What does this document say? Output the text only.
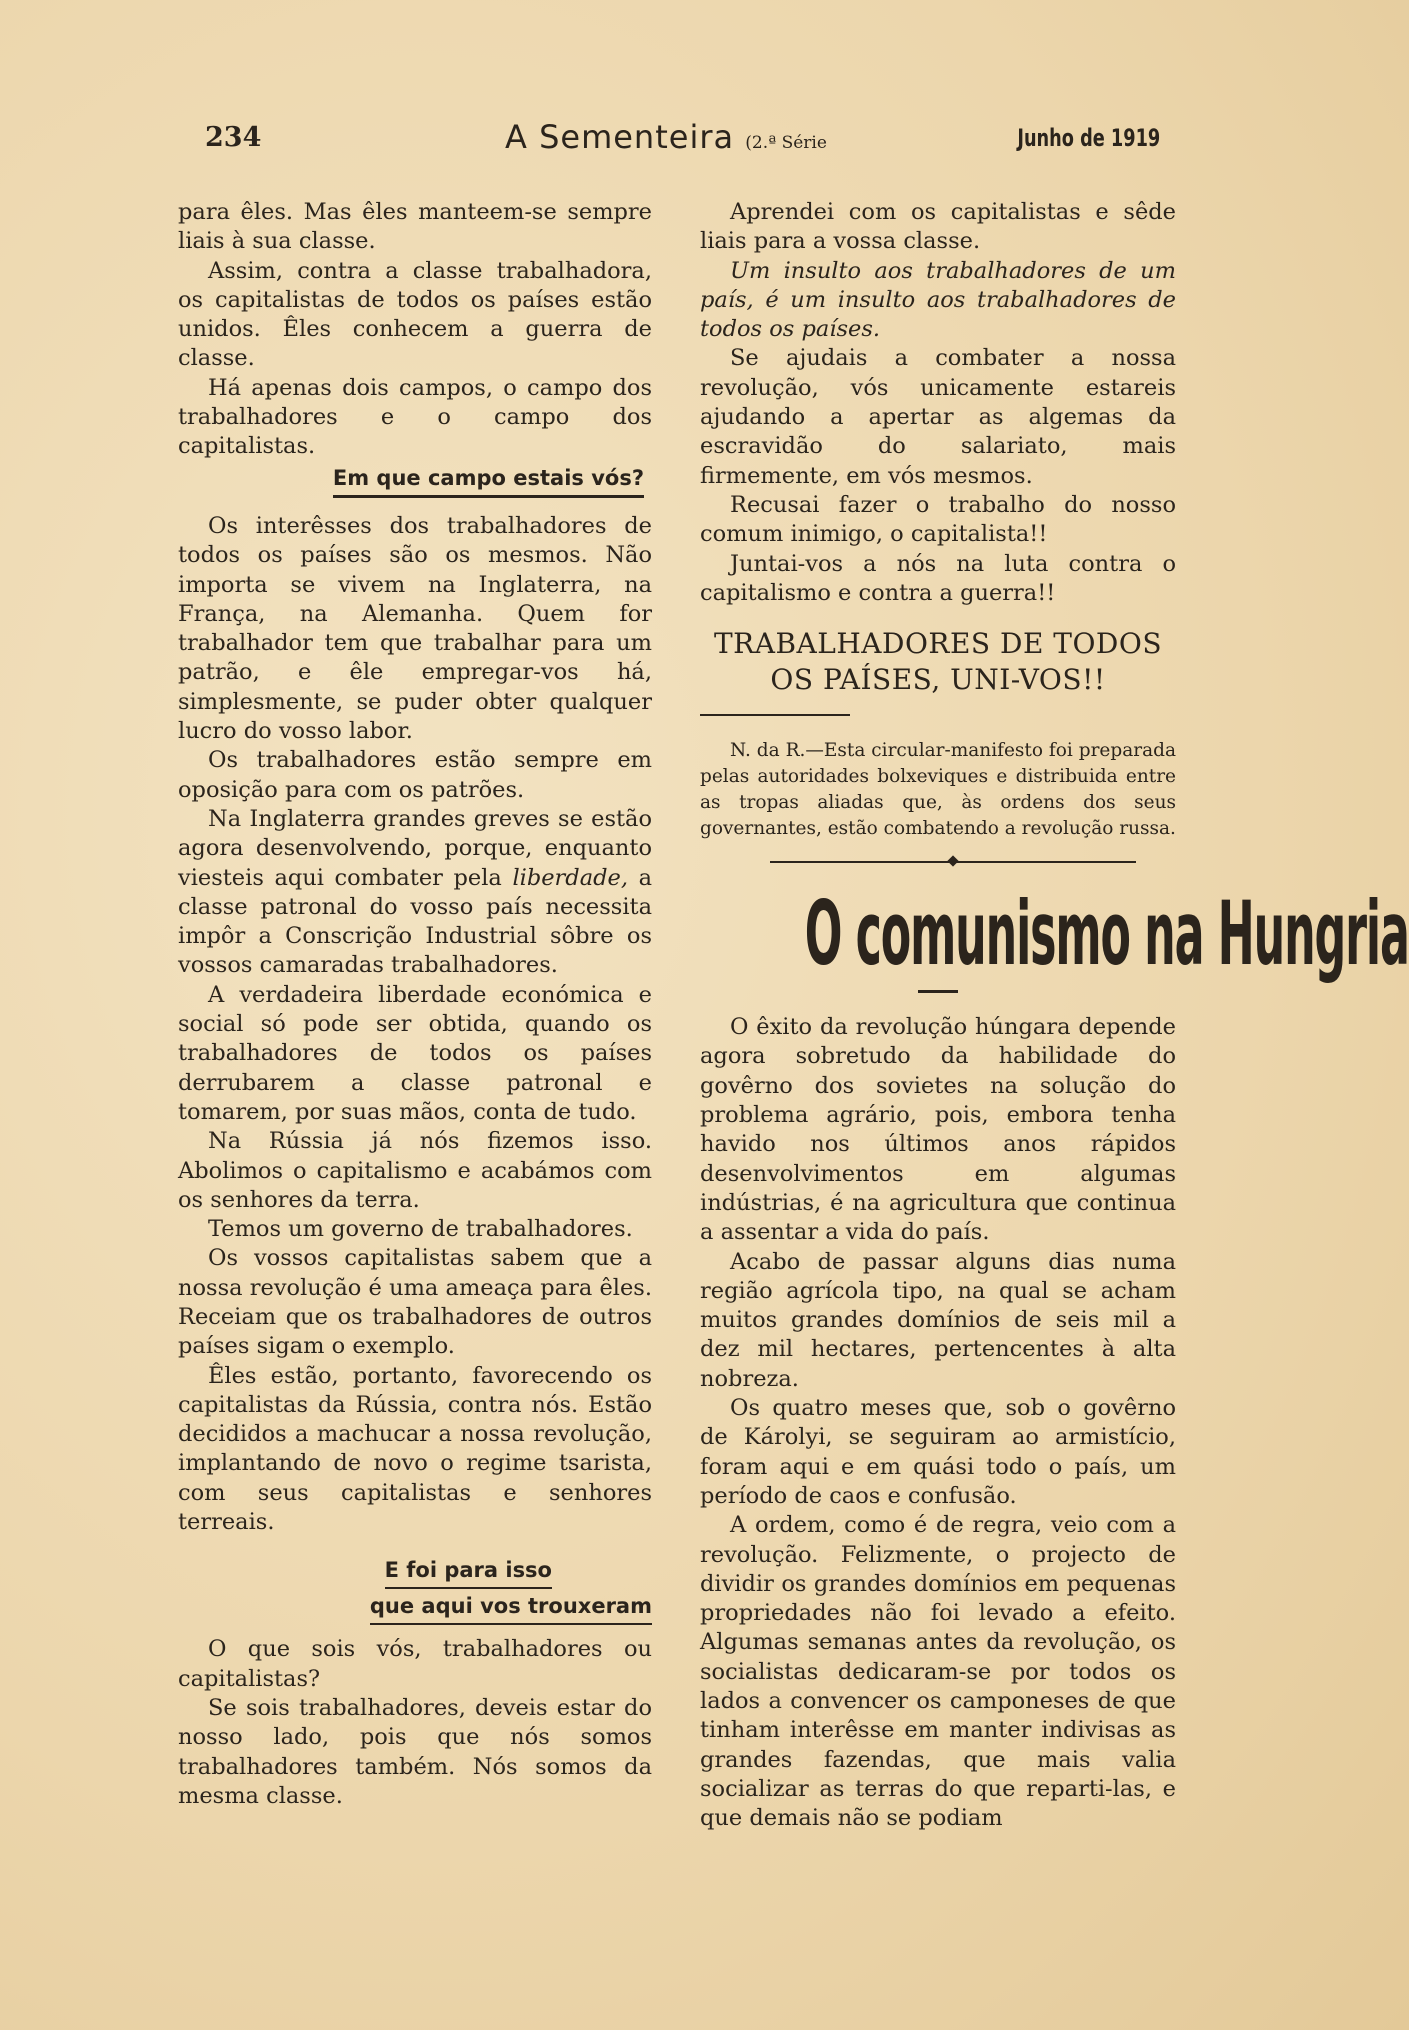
234	A Sementeira (2.ª Série	Junho de 1919

para êles. Mas êles manteem-se sempre liais à sua classe.

Assim, contra a classe trabalhadora, os capitalistas de todos os países estão unidos. Êles conhecem a guerra de classe.

Há apenas dois campos, o campo dos trabalhadores e o campo dos capitalistas.

Em que campo estais vós?

Os interêsses dos trabalhadores de todos os países são os mesmos. Não importa se vivem na Inglaterra, na França, na Alemanha. Quem for trabalhador tem que trabalhar para um patrão, e êle empregar-vos há, simplesmente, se puder obter qualquer lucro do vosso labor.

Os trabalhadores estão sempre em oposição para com os patrões.

Na Inglaterra grandes greves se estão agora desenvolvendo, porque, enquanto viesteis aqui combater pela liberdade, a classe patronal do vosso país necessita impôr a Conscrição Industrial sôbre os vossos camaradas trabalhadores.

A verdadeira liberdade económica e social só pode ser obtida, quando os trabalhadores de todos os países derrubarem a classe patronal e tomarem, por suas mãos, conta de tudo.

Na Rússia já nós fizemos isso. Abolimos o capitalismo e acabámos com os senhores da terra.

Temos um governo de trabalhadores.

Os vossos capitalistas sabem que a nossa revolução é uma ameaça para êles. Receiam que os trabalhadores de outros países sigam o exemplo.

Êles estão, portanto, favorecendo os capitalistas da Rússia, contra nós. Estão decididos a machucar a nossa revolução, implantando de novo o regime tsarista, com seus capitalistas e senhores terreais.

E foi para isso
que aqui vos trouxeram

O que sois vós, trabalhadores ou capitalistas?

Se sois trabalhadores, deveis estar do nosso lado, pois que nós somos trabalhadores também. Nós somos da mesma classe.

Aprendei com os capitalistas e sêde liais para a vossa classe.

Um insulto aos trabalhadores de um país, é um insulto aos trabalhadores de todos os países.

Se ajudais a combater a nossa revolução, vós unicamente estareis ajudando a apertar as algemas da escravidão do salariato, mais firmemente, em vós mesmos.

Recusai fazer o trabalho do nosso comum inimigo, o capitalista!!

Juntai-vos a nós na luta contra o capitalismo e contra a guerra!!

TRABALHADORES DE TODOS OS PAÍSES, UNI-VOS!!

N. da R.—Esta circular-manifesto foi preparada pelas autoridades bolxeviques e distribuida entre as tropas aliadas que, às ordens dos seus governantes, estão combatendo a revolução russa.

O comunismo na Hungria

O êxito da revolução húngara depende agora sobretudo da habilidade do govêrno dos sovietes na solução do problema agrário, pois, embora tenha havido nos últimos anos rápidos desenvolvimentos em algumas indústrias, é na agricultura que continua a assentar a vida do país.

Acabo de passar alguns dias numa região agrícola tipo, na qual se acham muitos grandes domínios de seis mil a dez mil hectares, pertencentes à alta nobreza.

Os quatro meses que, sob o govêrno de Károlyi, se seguiram ao armistício, foram aqui e em quási todo o país, um período de caos e confusão.

A ordem, como é de regra, veio com a revolução. Felizmente, o projecto de dividir os grandes domínios em pequenas propriedades não foi levado a efeito. Algumas semanas antes da revolução, os socialistas dedicaram-se por todos os lados a convencer os camponeses de que tinham interêsse em manter indivisas as grandes fazendas, que mais valia socializar as terras do que reparti-las, e que demais não se podiam
